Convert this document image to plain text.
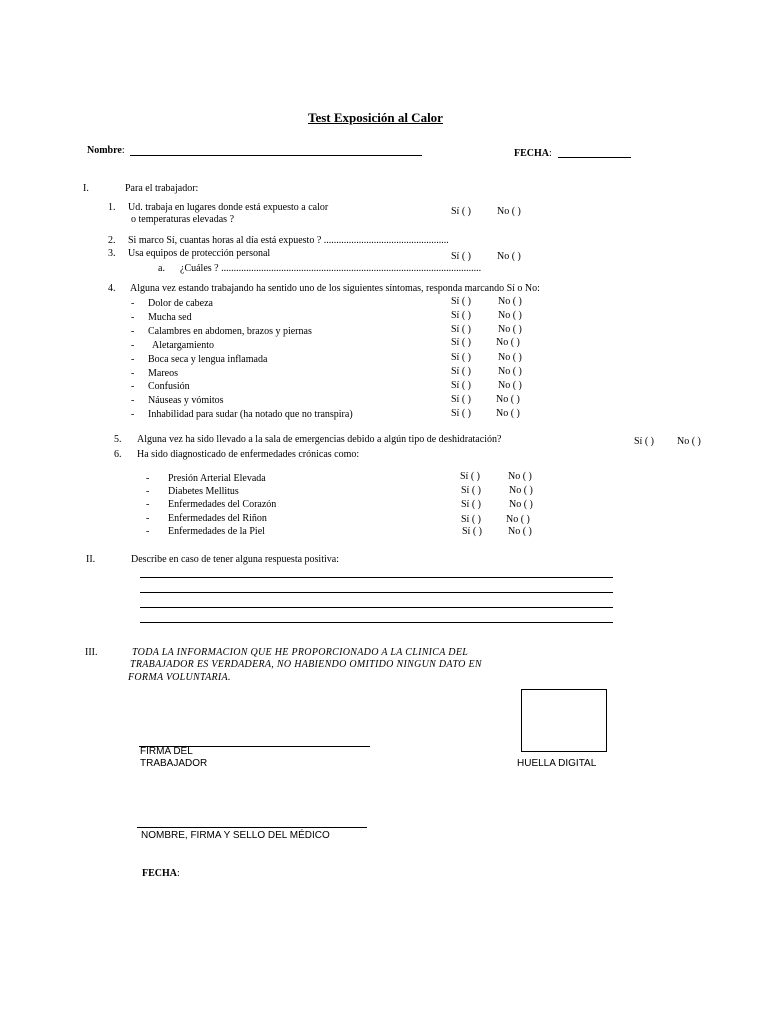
Test Exposición al Calor
Nombre:	FECHA:
I.	Para el trabajador:
1. Ud. trabaja en lugares donde está expuesto a calor
o temperaturas elevadas ?
Sí ( )	No ( )
2. Si marco Sí, cuantas horas al día está expuesto ? ..................................................
3. Usa equipos de protección personal	Sí ( )	No ( )
a. ¿Cuáles ? ........................................................................................................
4. Alguna vez estando trabajando ha sentido uno de los siguientes síntomas, responda marcando Sí o No:
- Dolor de cabeza	Sí ( )	No ( )
- Mucha sed	Sí ( )	No ( )
- Calambres en abdomen, brazos y piernas	Sí ( )	No ( )
- Aletargamiento	Sí ( )	No ( )
- Boca seca y lengua inflamada	Sí ( )	No ( )
- Mareos	Sí ( )	No ( )
- Confusión	Sí ( )	No ( )
- Náuseas y vómitos	Sí ( )	No ( )
- Inhabilidad para sudar (ha notado que no transpira)	Sí ( )	No ( )
5. Alguna vez ha sido llevado a la sala de emergencias debido a algún tipo de deshidratación?	Sí ( ) No ( )
6. Ha sido diagnosticado de enfermedades crónicas como:
- Presión Arterial Elevada	Sí ( )	No ( )
- Diabetes Mellitus	Sí ( )	No ( )
- Enfermedades del Corazón	Sí ( )	No ( )
- Enfermedades del Riñon	Sí ( )	No ( )
- Enfermedades de la Piel	Sí ( )	No ( )
II.	Describe en caso de tener alguna respuesta positiva:
III.	TODA LA INFORMACION QUE HE PROPORCIONADO A LA CLINICA DEL
TRABAJADOR ES VERDADERA, NO HABIENDO OMITIDO NINGUN DATO EN
FORMA VOLUNTARIA.
FIRMA DEL
TRABAJADOR	HUELLA DIGITAL
NOMBRE, FIRMA Y SELLO DEL MÉDICO
FECHA:
